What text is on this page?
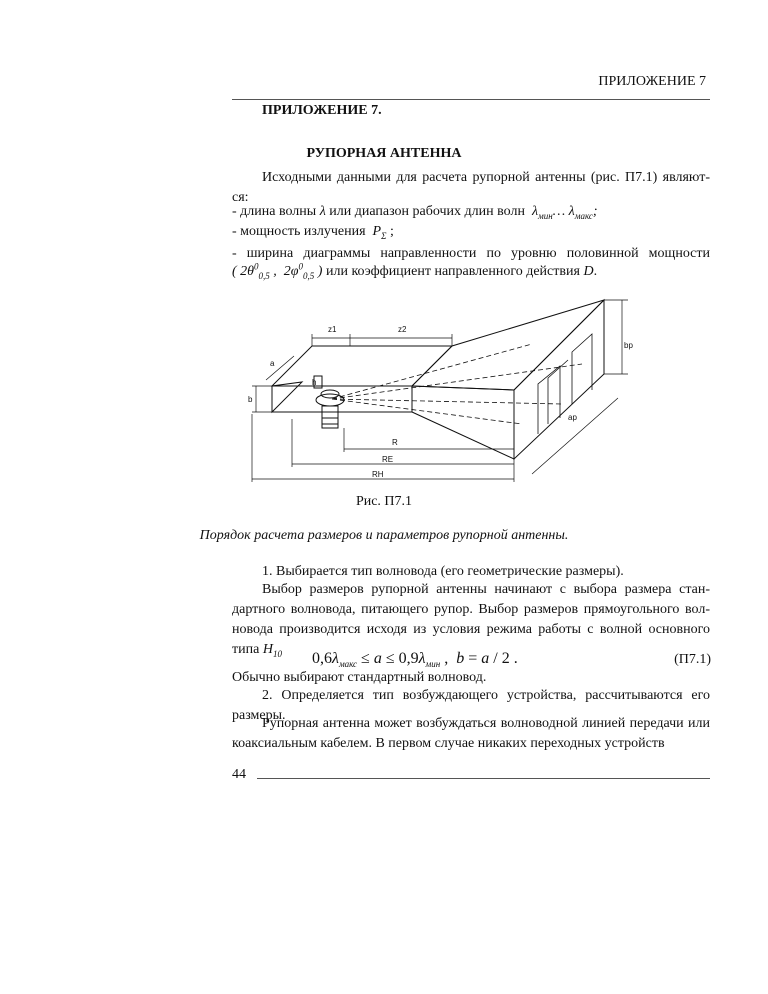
ПРИЛОЖЕНИЕ 7
ПРИЛОЖЕНИЕ 7.
РУПОРНАЯ АНТЕННА
Исходными данными для расчета рупорной антенны (рис. П7.1) являют-ся:
- длина волны λ или диапазон рабочих длин волн $\lambda_{мин}\dots$ $\lambda_{макс}$;
- мощность излучения $P_\Sigma$ ;
- ширина диаграммы направленности по уровню половинной мощности
( $2\theta^0_{0,5}$ ,  $2\varphi^0_{0,5}$ ) или коэффициент направленного действия D.
z1	z2
a
b
h
bp
ap
R
RE
RH
Рис. П7.1
Порядок расчета размеров и параметров рупорной антенны.
1. Выбирается тип волновода (его геометрические размеры).
Выбор размеров рупорной антенны начинают с выбора размера стан-дартного волновода, питающего рупор. Выбор размеров прямоугольного вол-новода производится исходя из условия режима работы с волной основного типа $H_{10}$	$0,6\lambda_{макс} \le a \le 0,9\lambda_{мин}$ ,  b = a / 2 .	(П7.1)
Обычно выбирают стандартный волновод.
2. Определяется тип возбуждающего устройства, рассчитываются его размеры.
Рупорная антенна может возбуждаться волноводной линией передачи или коаксиальным кабелем. В первом случае никаких переходных устройств
44
